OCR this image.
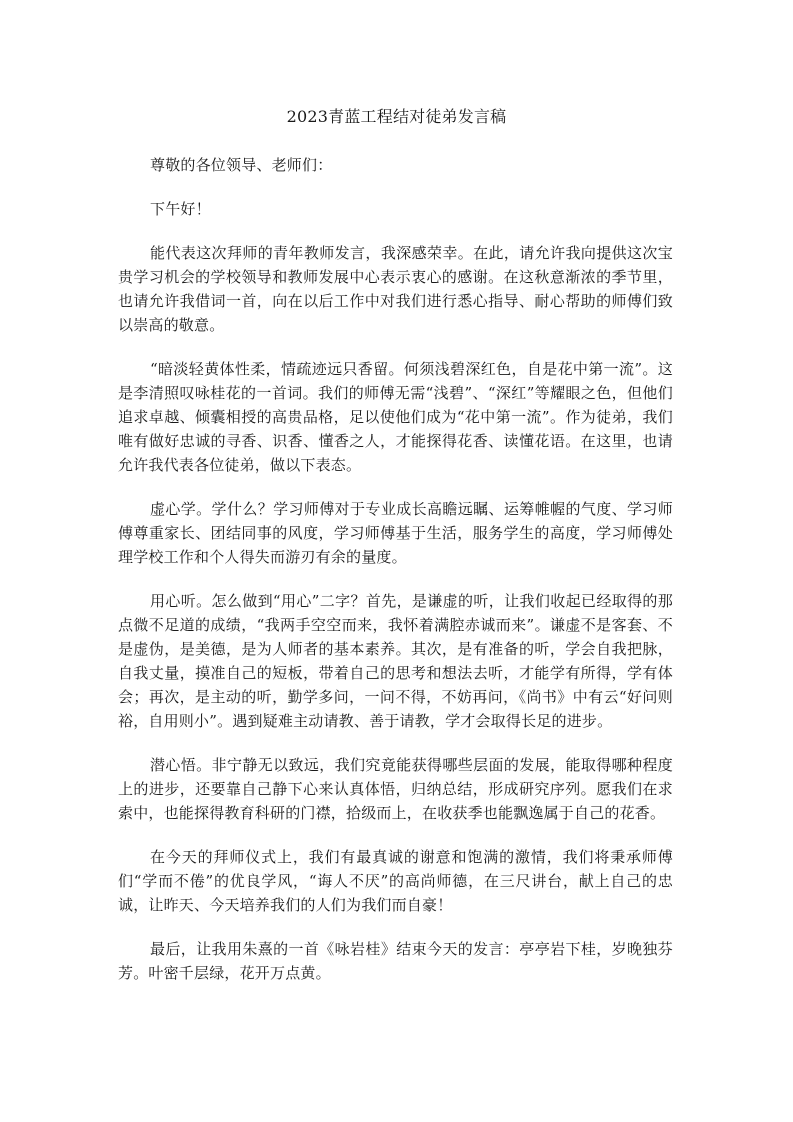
2023青蓝工程结对徒弟发言稿

尊敬的各位领导、老师们：

下午好！

能代表这次拜师的青年教师发言，我深感荣幸。在此，请允许我向提供这次宝贵学习机会的学校领导和教师发展中心表示衷心的感谢。在这秋意渐浓的季节里，也请允许我借词一首，向在以后工作中对我们进行悉心指导、耐心帮助的师傅们致以崇高的敬意。

“暗淡轻黄体性柔，情疏迹远只香留。何须浅碧深红色，自是花中第一流”。这是李清照叹咏桂花的一首词。我们的师傅无需“浅碧”、“深红”等耀眼之色，但他们追求卓越、倾囊相授的高贵品格，足以使他们成为“花中第一流”。作为徒弟，我们唯有做好忠诚的寻香、识香、懂香之人，才能探得花香、读懂花语。在这里，也请允许我代表各位徒弟，做以下表态。

虚心学。学什么？学习师傅对于专业成长高瞻远瞩、运筹帷幄的气度、学习师傅尊重家长、团结同事的风度，学习师傅基于生活，服务学生的高度，学习师傅处理学校工作和个人得失而游刃有余的量度。

用心听。怎么做到“用心”二字？首先，是谦虚的听，让我们收起已经取得的那点微不足道的成绩，“我两手空空而来，我怀着满腔赤诚而来”。谦虚不是客套、不是虚伪，是美德，是为人师者的基本素养。其次，是有准备的听，学会自我把脉，自我丈量，摸准自己的短板，带着自己的思考和想法去听，才能学有所得，学有体会；再次，是主动的听，勤学多问，一问不得，不妨再问，《尚书》中有云“好问则裕，自用则小”。遇到疑难主动请教、善于请教，学才会取得长足的进步。

潜心悟。非宁静无以致远，我们究竟能获得哪些层面的发展，能取得哪种程度上的进步，还要靠自己静下心来认真体悟，归纳总结，形成研究序列。愿我们在求索中，也能探得教育科研的门襟，拾级而上，在收获季也能飘逸属于自己的花香。

在今天的拜师仪式上，我们有最真诚的谢意和饱满的激情，我们将秉承师傅们“学而不倦”的优良学风，“诲人不厌”的高尚师德，在三尺讲台，献上自己的忠诚，让昨天、今天培养我们的人们为我们而自豪！

最后，让我用朱熹的一首《咏岩桂》结束今天的发言：亭亭岩下桂，岁晚独芬芳。叶密千层绿，花开万点黄。
